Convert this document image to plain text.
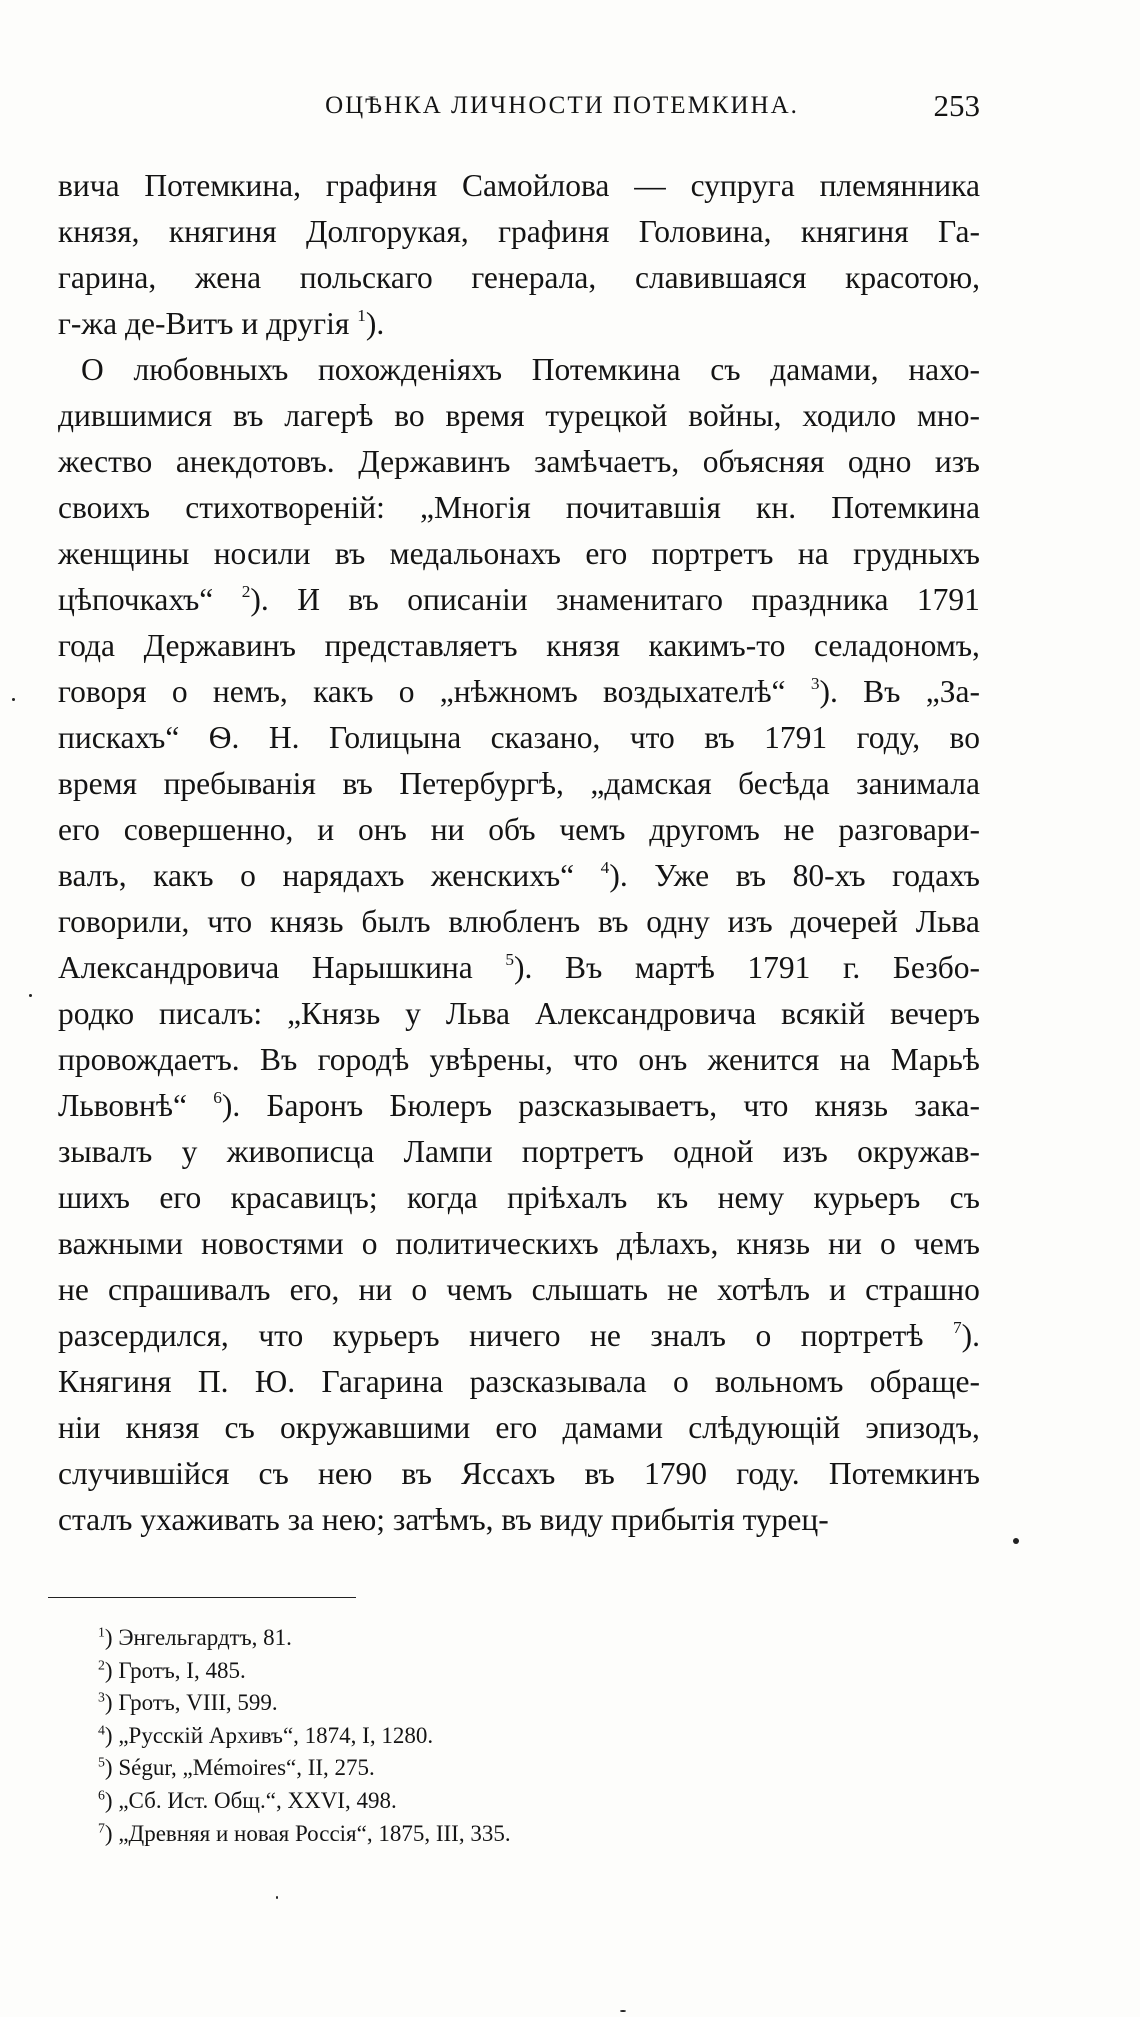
ОЦѢНКА ЛИЧНОСТИ ПОТЕМКИНА.	253
вича Потемкина, графиня Самойлова — супруга племянника
князя, княгиня Долгорукая, графиня Головина, княгиня Га-
гарина, жена польскаго генерала, славившаяся красотою,
г-жа де-Витъ и другія $^1$).
О любовныхъ похожденіяхъ Потемкина съ дамами, нахо-
дившимися въ лагерѣ во время турецкой войны, ходило мно-
жество анекдотовъ. Державинъ замѣчаетъ, объясняя одно изъ
своихъ стихотвореній: „Многія почитавшія кн. Потемкина
женщины носили въ медальонахъ его портретъ на грудныхъ
цѣпочкахъ“ $^2$). И въ описаніи знаменитаго праздника 1791
года Державинъ представляетъ князя какимъ-то селадономъ,
говоря о немъ, какъ о „нѣжномъ воздыхателѣ“ $^3$). Въ „За-
пискахъ“ Ѳ. Н. Голицына сказано, что въ 1791 году, во
время пребыванія въ Петербургѣ, „дамская бесѣда занимала
его совершенно, и онъ ни объ чемъ другомъ не разговари-
валъ, какъ о нарядахъ женскихъ“ $^4$). Уже въ 80-хъ годахъ
говорили, что князь былъ влюбленъ въ одну изъ дочерей Льва
Александровича Нарышкина $^5$). Въ мартѣ 1791 г. Безбо-
родко писалъ: „Князь у Льва Александровича всякій вечеръ
провождаетъ. Въ городѣ увѣрены, что онъ женится на Марьѣ
Львовнѣ“ $^6$). Баронъ Бюлеръ разсказываетъ, что князь зака-
зывалъ у живописца Лампи портретъ одной изъ окружав-
шихъ его красавицъ; когда пріѣхалъ къ нему курьеръ съ
важными новостями о политическихъ дѣлахъ, князь ни о чемъ
не спрашивалъ его, ни о чемъ слышать не хотѣлъ и страшно
разсердился, что курьеръ ничего не зналъ о портретѣ $^7$).
Княгиня П. Ю. Гагарина разсказывала о вольномъ обраще-
ніи князя съ окружавшими его дамами слѣдующій эпизодъ,
случившійся съ нею въ Яссахъ въ 1790 году. Потемкинъ
сталъ ухаживать за нею; затѣмъ, въ виду прибытія турец-
$^1$) Энгельгардтъ, 81.
$^2$) Гротъ, I, 485.
$^3$) Гротъ, VIII, 599.
$^4$) „Русскій Архивъ“, 1874, I, 1280.
$^5$) Ségur, „Mémoires“, II, 275.
$^6$) „Сб. Ист. Общ.“, XXVI, 498.
$^7$) „Древняя и новая Россія“, 1875, III, 335.
